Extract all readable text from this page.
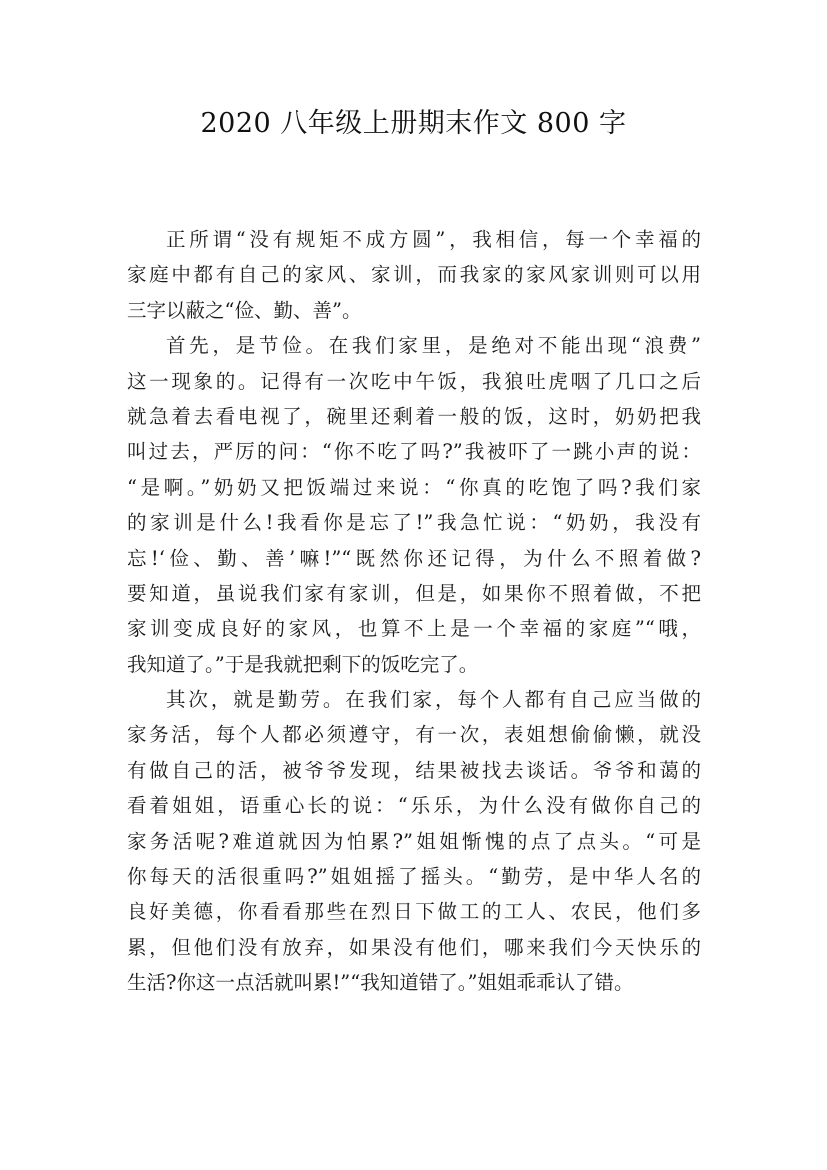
2020 八年级上册期末作文 800 字
正所谓“没有规矩不成方圆”，我相信，每一个幸福的
家庭中都有自己的家风、家训，而我家的家风家训则可以用
三字以蔽之“俭、勤、善”。
首先，是节俭。在我们家里，是绝对不能出现“浪费”
这一现象的。记得有一次吃中午饭，我狼吐虎咽了几口之后
就急着去看电视了，碗里还剩着一般的饭，这时，奶奶把我
叫过去，严厉的问：“你不吃了吗?”我被吓了一跳小声的说：
“是啊。”奶奶又把饭端过来说：“你真的吃饱了吗?我们家
的家训是什么!我看你是忘了!”我急忙说：“奶奶，我没有
忘!‘俭、勤、善’嘛!”“既然你还记得，为什么不照着做?
要知道，虽说我们家有家训，但是，如果你不照着做，不把
家训变成良好的家风，也算不上是一个幸福的家庭”“哦，
我知道了。”于是我就把剩下的饭吃完了。
其次，就是勤劳。在我们家，每个人都有自己应当做的
家务活，每个人都必须遵守，有一次，表姐想偷偷懒，就没
有做自己的活，被爷爷发现，结果被找去谈话。爷爷和蔼的
看着姐姐，语重心长的说：“乐乐，为什么没有做你自己的
家务活呢?难道就因为怕累?”姐姐惭愧的点了点头。“可是
你每天的活很重吗?”姐姐摇了摇头。“勤劳，是中华人名的
良好美德，你看看那些在烈日下做工的工人、农民，他们多
累，但他们没有放弃，如果没有他们，哪来我们今天快乐的
生活?你这一点活就叫累!”“我知道错了。”姐姐乖乖认了错。
